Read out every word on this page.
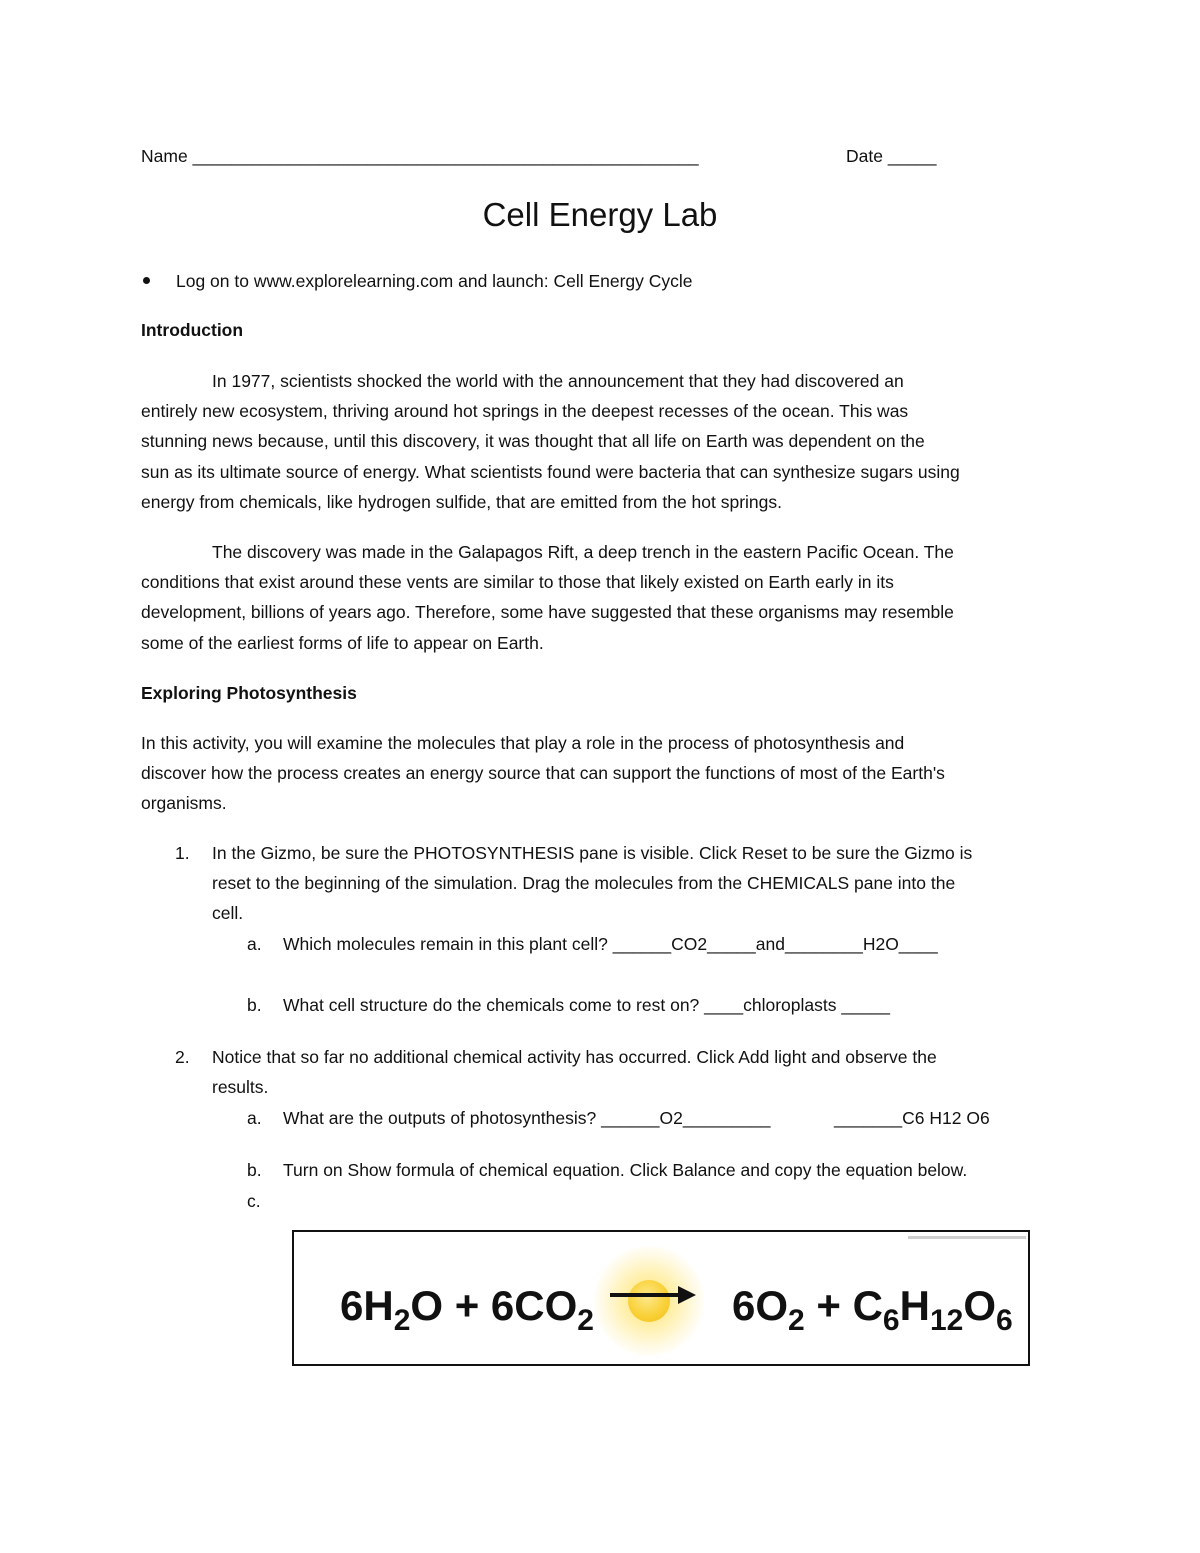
Name ____________________________________________________	Date _____
Cell Energy Lab
Log on to www.explorelearning.com and launch: Cell Energy Cycle
Introduction
In 1977, scientists shocked the world with the announcement that they had discovered an
entirely new ecosystem, thriving around hot springs in the deepest recesses of the ocean. This was
stunning news because, until this discovery, it was thought that all life on Earth was dependent on the
sun as its ultimate source of energy. What scientists found were bacteria that can synthesize sugars using
energy from chemicals, like hydrogen sulfide, that are emitted from the hot springs.
The discovery was made in the Galapagos Rift, a deep trench in the eastern Pacific Ocean. The
conditions that exist around these vents are similar to those that likely existed on Earth early in its
development, billions of years ago. Therefore, some have suggested that these organisms may resemble
some of the earliest forms of life to appear on Earth.
Exploring Photosynthesis
In this activity, you will examine the molecules that play a role in the process of photosynthesis and
discover how the process creates an energy source that can support the functions of most of the Earth's
organisms.
1. In the Gizmo, be sure the PHOTOSYNTHESIS pane is visible. Click Reset to be sure the Gizmo is
reset to the beginning of the simulation. Drag the molecules from the CHEMICALS pane into the
cell.
a. Which molecules remain in this plant cell? ______CO2_____and________H2O____
b. What cell structure do the chemicals come to rest on? ____chloroplasts _____
2. Notice that so far no additional chemical activity has occurred. Click Add light and observe the
results.
a. What are the outputs of photosynthesis? ______O2_________	_______C6 H12 O6
b. Turn on Show formula of chemical equation. Click Balance and copy the equation below.
c.
$6H_2O + 6CO_2$	$6O_2 + C_6H_{12}O_6$
